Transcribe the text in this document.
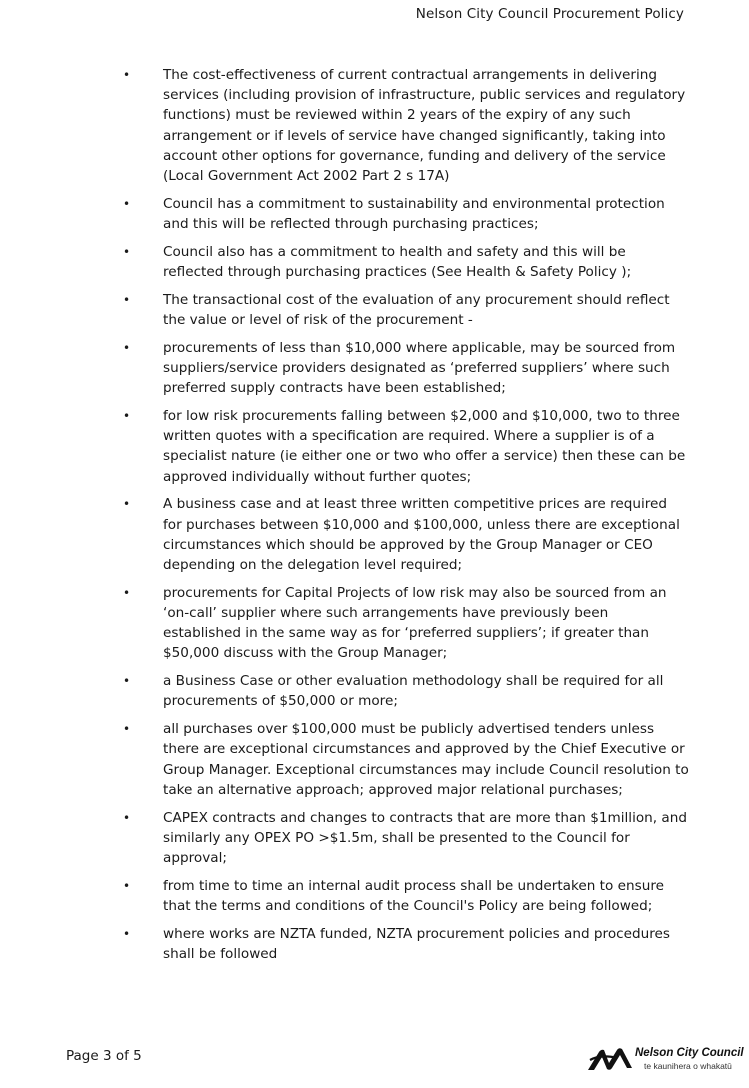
Nelson City Council Procurement Policy
• The cost-effectiveness of current contractual arrangements in delivering services (including provision of infrastructure, public services and regulatory functions) must be reviewed within 2 years of the expiry of any such arrangement or if levels of service have changed significantly, taking into account other options for governance, funding and delivery of the service (Local Government Act 2002 Part 2 s 17A)
• Council has a commitment to sustainability and environmental protection and this will be reflected through purchasing practices;
• Council also has a commitment to health and safety and this will be reflected through purchasing practices (See Health & Safety Policy );
• The transactional cost of the evaluation of any procurement should reflect the value or level of risk of the procurement -
• procurements of less than $10,000 where applicable, may be sourced from suppliers/service providers designated as ‘preferred suppliers’ where such preferred supply contracts have been established;
• for low risk procurements falling between $2,000 and $10,000, two to three written quotes with a specification are required. Where a supplier is of a specialist nature (ie either one or two who offer a service) then these can be approved individually without further quotes;
• A business case and at least three written competitive prices are required for purchases between $10,000 and $100,000, unless there are exceptional circumstances which should be approved by the Group Manager or CEO depending on the delegation level required;
• procurements for Capital Projects of low risk may also be sourced from an ‘on-call’ supplier where such arrangements have previously been established in the same way as for ‘preferred suppliers’; if greater than $50,000 discuss with the Group Manager;
• a Business Case or other evaluation methodology shall be required for all procurements of $50,000 or more;
• all purchases over $100,000 must be publicly advertised tenders unless there are exceptional circumstances and approved by the Chief Executive or Group Manager. Exceptional circumstances may include Council resolution to take an alternative approach; approved major relational purchases;
• CAPEX contracts and changes to contracts that are more than $1million, and similarly any OPEX PO >$1.5m, shall be presented to the Council for approval;
• from time to time an internal audit process shall be undertaken to ensure that the terms and conditions of the Council's Policy are being followed;
• where works are NZTA funded, NZTA procurement policies and procedures shall be followed
Page 3 of 5	Nelson City Council
te kaunihera o whakatū
